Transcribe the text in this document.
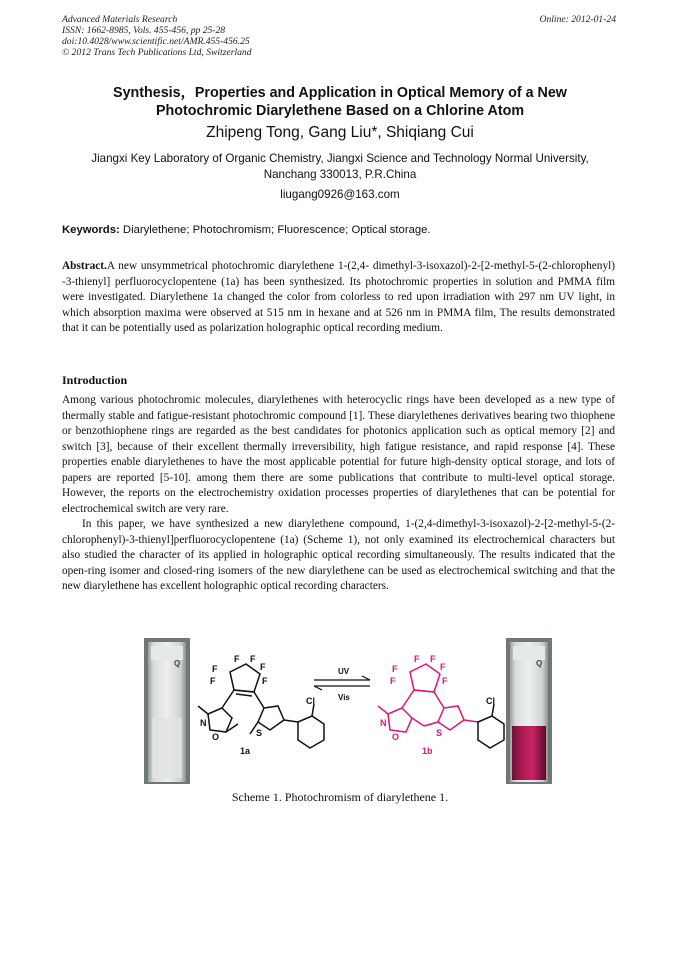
Advanced Materials Research
ISSN: 1662-8985, Vols. 455-456, pp 25-28
doi:10.4028/www.scientific.net/AMR.455-456.25
© 2012 Trans Tech Publications Ltd, Switzerland
Online: 2012-01-24
Synthesis，Properties and Application in Optical Memory of a New
Photochromic Diarylethene Based on a Chlorine Atom
Zhipeng Tong, Gang Liu*, Shiqiang Cui
Jiangxi Key Laboratory of Organic Chemistry, Jiangxi Science and Technology Normal University,
Nanchang 330013, P.R.China
liugang0926@163.com
Keywords: Diarylethene; Photochromism; Fluorescence; Optical storage.
Abstract.A new unsymmetrical photochromic diarylethene 1-(2,4- dimethyl-3-isoxazol)-2-[2-methyl-5-(2-chlorophenyl) -3-thienyl] perfluorocyclopentene (1a) has been synthesized. Its photochromic properties in solution and PMMA film were investigated. Diarylethene 1a changed the color from colorless to red upon irradiation with 297 nm UV light, in which absorption maxima were observed at 515 nm in hexane and at 526 nm in PMMA film, The results demonstrated that it can be potentially used as polarization holographic optical recording medium.
Introduction
Among various photochromic molecules, diarylethenes with heterocyclic rings have been developed as a new type of thermally stable and fatigue-resistant photochromic compound [1]. These diarylethenes derivatives bearing two thiophene or benzothiophene rings are regarded as the best candidates for photonics application such as optical memory [2] and switch [3], because of their excellent thermally irreversibility, high fatigue resistance, and rapid response [4]. These properties enable diarylethenes to have the most applicable potential for future high-density optical storage, and lots of papers are reported [5-10]. among them there are some publications that contribute to multi-level optical storage. However, the reports on the electrochemistry oxidation processes properties of diarylethenes that can be potential for electrochemical switch are very rare.
In this paper, we have synthesized a new diarylethene compound, 1-(2,4-dimethyl-3-isoxazol)-2-[2-methyl-5-(2-chlorophenyl)-3-thienyl]perfluorocyclopentene (1a) (Scheme 1), not only examined its electrochemical characters but also studied the character of its applied in holographic optical recording simultaneously. The results indicated that the open-ring isomer and closed-ring isomers of the new diarylethene can be used as electrochemical switching and that the new diarylethene has excellent holographic optical recording characters.
Q	F F
F	F
F	F
N
O	S
Cl
1a
UV
Vis
F F
F	F
F	F
N
O	S
1b
Cl
Q
Scheme 1. Photochromism of diarylethene 1.
